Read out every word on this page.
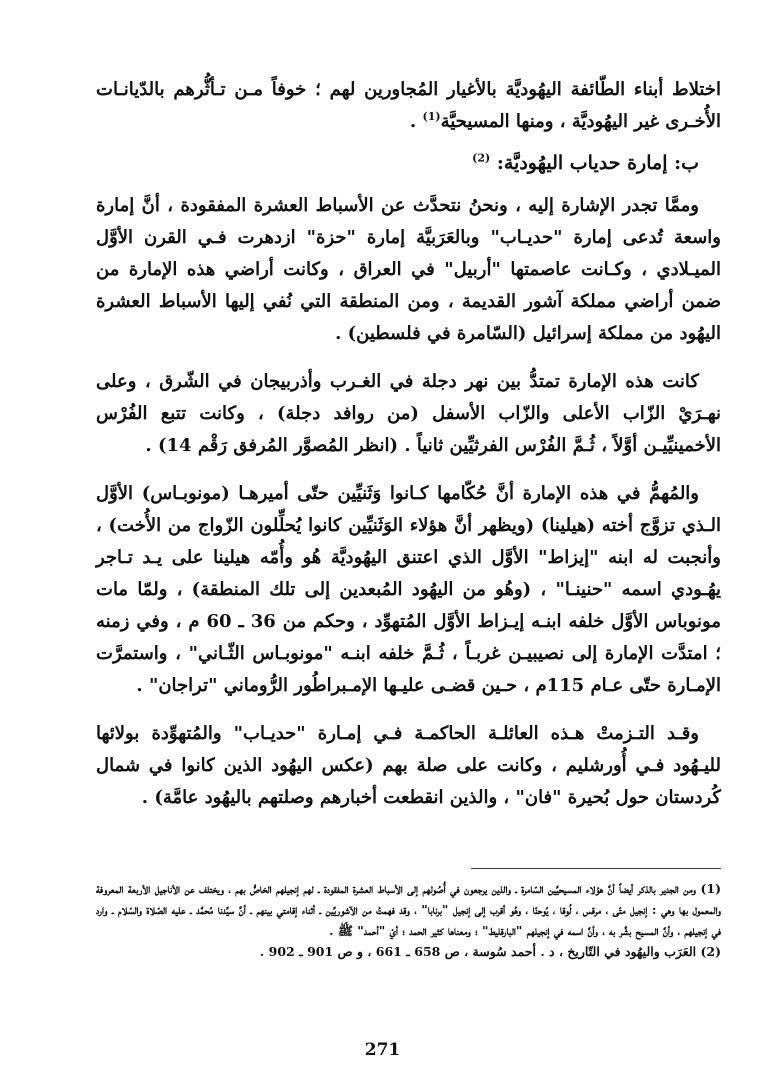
اختلاط أبناء الطّائفة اليهُوديَّة بالأغيار المُجاورين لهم ؛ خوفاً مـن تـأثُّرهم بالدّيانـات الأُخـرى غير اليهُوديَّة ، ومنها المسيحيَّة$^{(1)}$ .

ب: إمارة حدياب اليهُوديَّة: $^{(2)}$

وممَّا تجدر الإشارة إليه ، ونحنُ نتحدَّث عن الأسباط العشرة المفقودة ، أنَّ إمارة واسعة تُدعى إمارة "حديـاب" وبالعَرَبيَّة إمارة "حزة" ازدهرت فـي القرن الأوَّل الميـلادي ، وكـانت عاصمتها "أربيل" في العراق ، وكانت أراضي هذه الإمارة من ضمن أراضي مملكة آشور القديمة ، ومن المنطقة التي نُفي إليها الأسباط العشرة اليهُود من مملكة إسرائيل (السّامرة في فلسطين) .

كانت هذه الإمارة تمتدُّ بين نهر دجلة في الغـرب وأذربيجان في الشّرق ، وعلى نهـرَيْ الزّاب الأعلى والزّاب الأسفل (من روافد دجلة) ، وكانت تتبع الفُرْس الأخمينيِّيـن أوَّلاً ، ثُـمَّ الفُرْس الفرثيِّين ثانياً . (انظر المُصوَّر المُرفق رَقْم 14) .

والمُهمُّ في هذه الإمارة أنَّ حُكّامها كـانوا وَثَنيِّين حتّى أميرهـا (مونوبـاس) الأوَّل الـذي تزوَّج أخته (هيلينا) (ويظهر أنَّ هؤلاء الوَثَنيِّين كانوا يُحلِّلون الزّواج من الأُخت) ، وأنجبت له ابنه "إيزاط" الأوَّل الذي اعتنق اليهُوديَّة هُو وأُمّه هيلينا على يـد تـاجر يهُـودي اسمه "حنينـا" ، (وهُو من اليهُود المُبعدين إلى تلك المنطقة) ، ولمّا مات مونوباس الأوَّل خلفه ابنـه إيـزاط الأوَّل المُتهوِّد ، وحكم من 36 ـ 60 م ، وفي زمنه ؛ امتدَّت الإمارة إلى نصيبيـن غربـاً ، ثُـمَّ خلفه ابنـه "مونوبـاس الثّـاني" ، واستمرَّت الإمـارة حتّى عـام 115م ، حـين قضـى عليـها الإمـبراطُور الرُّوماني "تراجان" .

وقـد التـزمتْ هـذه العائلـة الحاكمـة فـي إمـارة "حديـاب" والمُتهوِّدة بولائها لليـهُود فـي أُورشليم ، وكانت على صلة بهم (عكس اليهُود الذين كانوا في شمال كُردستان حول بُحيرة "فان" ، والذين انقطعت أخبارهم وصلتهم باليهُود عامَّة) .

(1) ومن الجدير بالذكر أيضاً أنَّ هؤلاء المسيحيِّين السّامرة ـ والذين يرجعون في أُصُولهم إلى الأسباط العشرة المفقودة ـ لهم إنجيلهم الخاصُّ بهم ، ويختلف عن الأناجيل الأربعة المعروفة والمعمول بها وهي : إنجيل متّى ، مرقس ، لُوقا ، يُوحنّا ، وهُو أقرب إلى إنجيل "برنابا" ، وقد فهمتُ من الآشوريِّين ـ أثناء إقامتي بينهم ـ أنَّ سيِّدنا مُحمَّد ـ عليه الصّلاة والسّلام ـ وارد في إنجيلهم ، وأنَّ المسيح بشَّر به ، وأنَّ اسمه في إنجيلهم "البارقليط" ؛ ومعناها كثير الحمد ؛ أيْ "أحمد" ﷺ .

(2) العَرَب واليهُود في التّاريخ ، د . أحمد سُوسة ، ص 658 ـ 661 ، و ص 901 ـ 902 .

271
